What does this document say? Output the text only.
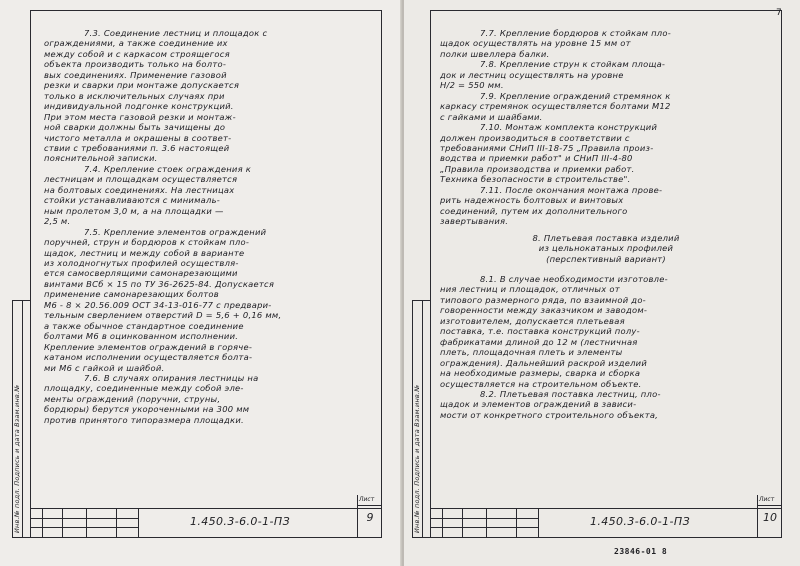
Инв.№ подл. Подпись и дата Взам.инв.№

7.3. Соединение лестниц и площадок с
ограждениями, а также соединение их
между собой и с каркасом строящегося
объекта производить только на болто-
вых соединениях. Применение газовой
резки и сварки при монтаже допускается
только в исключительных случаях при
индивидуальной подгонке конструкций.
При этом места газовой резки и монтаж-
ной сварки должны быть зачищены до
чистого металла и окрашены в соответ-
ствии с требованиями п. 3.6 настоящей
пояснительной записки.

7.4. Крепление стоек ограждения к
лестницам и площадкам осуществляется
на болтовых соединениях. На лестницах
стойки устанавливаются с минималь-
ным пролетом 3,0 м, а на площадки —
2,5 м.

7.5. Крепление элементов ограждений
поручней, струн и бордюров к стойкам пло-
щадок, лестниц и между собой в варианте
из холодногнутых профилей осуществля-
ется самосверлящими самонарезающими
винтами ВСб × 15 по ТУ 36-2625-84. Допускается
применение самонарезающих болтов
М6 - 8 × 20.56.009 ОСТ 34-13-016-77 с предвари-
тельным сверлением отверстий D = 5,6 + 0,16 мм,
а также обычное стандартное соединение
болтами М6 в оцинкованном исполнении.
Крепление элементов ограждений в горяче-
катаном исполнении осуществляется болта-
ми М6 с гайкой и шайбой.

7.6. В случаях опирания лестницы на
площадку, соединенные между собой эле-
менты ограждений (поручни, струны,
бордюры) берутся укороченными на 300 мм
против принятого типоразмера площадки.

1.450.3-6.0-1-ПЗ
Лист
9
7
Инв.№ подл. Подпись и дата Взам.инв.№

7.7. Крепление бордюров к стойкам пло-
щадок осуществлять на уровне 15 мм от
полки швеллера балки.

7.8. Крепление струн к стойкам площа-
док и лестниц осуществлять на уровне
Н/2 = 550 мм.

7.9. Крепление ограждений стремянок к
каркасу стремянок осуществляется болтами М12
с гайками и шайбами.

7.10. Монтаж комплекта конструкций
должен производиться в соответствии с
требованиями СНиП III-18-75 „Правила произ-
водства и приемки работ" и СНиП III-4-80
„Правила производства и приемки работ.
Техника безопасности в строительстве".

7.11. После окончания монтажа прове-
рить надежность болтовых и винтовых
соединений, путем их дополнительного
завертывания.

8. Плетьевая поставка изделий
из цельнокатаных профилей
(перспективный вариант)

8.1. В случае необходимости изготовле-
ния лестниц и площадок, отличных от
типового размерного ряда, по взаимной до-
говоренности между заказчиком и заводом-
изготовителем, допускается плетьевая
поставка, т.е. поставка конструкций полу-
фабрикатами длиной до 12 м (лестничная
плеть, площадочная плеть и элементы
ограждения). Дальнейший раскрой изделий
на необходимые размеры, сварка и сборка
осуществляется на строительном объекте.

8.2. Плетьевая поставка лестниц, пло-
щадок и элементов ограждений в зависи-
мости от конкретного строительного объекта,

1.450.3-6.0-1-ПЗ
Лист
10
23846-01 8
